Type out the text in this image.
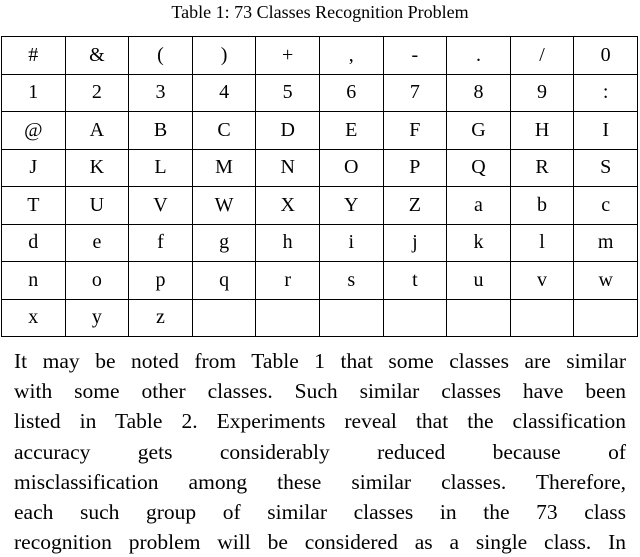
Table 1: 73 Classes Recognition Problem
#	&	(	)	+	,	-	.	/	0
1	2	3	4	5	6	7	8	9	:
@	A	B	C	D	E	F	G	H	I
J	K	L	M	N	O	P	Q	R	S
T	U	V	W	X	Y	Z	a	b	c
d	e	f	g	h	i	j	k	l	m
n	o	p	q	r	s	t	u	v	w
x	y	z							
It may be noted from Table 1 that some classes are similar
with some other classes. Such similar classes have been
listed in Table 2. Experiments reveal that the classification
accuracy gets considerably reduced because of
misclassification among these similar classes. Therefore,
each such group of similar classes in the 73 class
recognition problem will be considered as a single class. In
